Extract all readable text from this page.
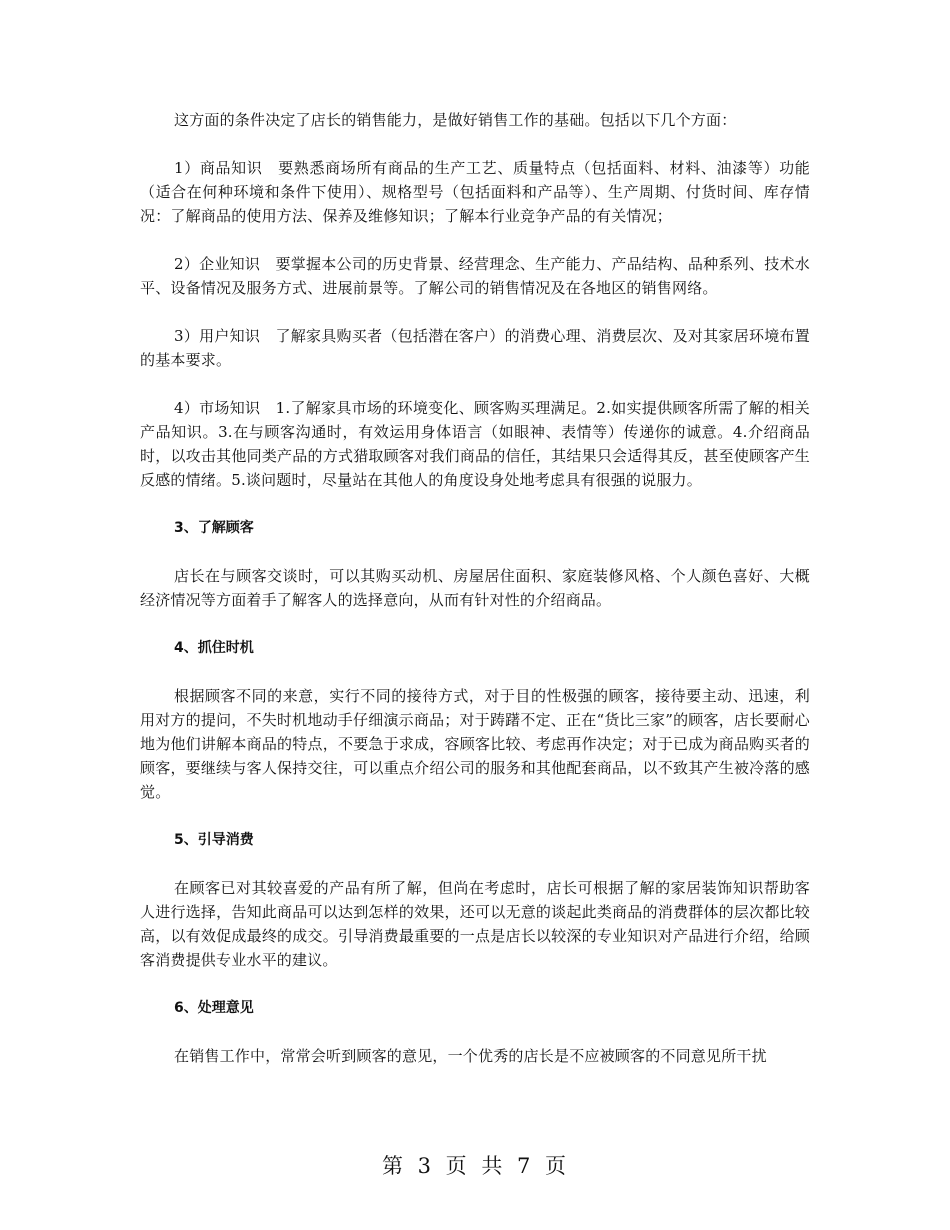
这方面的条件决定了店长的销售能力，是做好销售工作的基础。包括以下几个方面：

1）商品知识　要熟悉商场所有商品的生产工艺、质量特点（包括面料、材料、油漆等）功能（适合在何种环境和条件下使用）、规格型号（包括面料和产品等）、生产周期、付货时间、库存情况：了解商品的使用方法、保养及维修知识；了解本行业竞争产品的有关情况；

2）企业知识　要掌握本公司的历史背景、经营理念、生产能力、产品结构、品种系列、技术水平、设备情况及服务方式、进展前景等。了解公司的销售情况及在各地区的销售网络。

3）用户知识　了解家具购买者（包括潜在客户）的消费心理、消费层次、及对其家居环境布置的基本要求。

4）市场知识　1.了解家具市场的环境变化、顾客购买理满足。2.如实提供顾客所需了解的相关产品知识。3.在与顾客沟通时，有效运用身体语言（如眼神、表情等）传递你的诚意。4.介绍商品时，以攻击其他同类产品的方式猎取顾客对我们商品的信任，其结果只会适得其反，甚至使顾客产生反感的情绪。5.谈问题时，尽量站在其他人的角度设身处地考虑具有很强的说服力。

3、了解顾客

店长在与顾客交谈时，可以其购买动机、房屋居住面积、家庭装修风格、个人颜色喜好、大概经济情况等方面着手了解客人的选择意向，从而有针对性的介绍商品。

4、抓住时机

根据顾客不同的来意，实行不同的接待方式，对于目的性极强的顾客，接待要主动、迅速，利用对方的提问，不失时机地动手仔细演示商品；对于踌躇不定、正在“货比三家”的顾客，店长要耐心地为他们讲解本商品的特点，不要急于求成，容顾客比较、考虑再作决定；对于已成为商品购买者的顾客，要继续与客人保持交往，可以重点介绍公司的服务和其他配套商品，以不致其产生被冷落的感觉。

5、引导消费

在顾客已对其较喜爱的产品有所了解，但尚在考虑时，店长可根据了解的家居装饰知识帮助客人进行选择，告知此商品可以达到怎样的效果，还可以无意的谈起此类商品的消费群体的层次都比较高，以有效促成最终的成交。引导消费最重要的一点是店长以较深的专业知识对产品进行介绍，给顾客消费提供专业水平的建议。

6、处理意见

在销售工作中，常常会听到顾客的意见，一个优秀的店长是不应被顾客的不同意见所干扰

第 3 页 共 7 页
